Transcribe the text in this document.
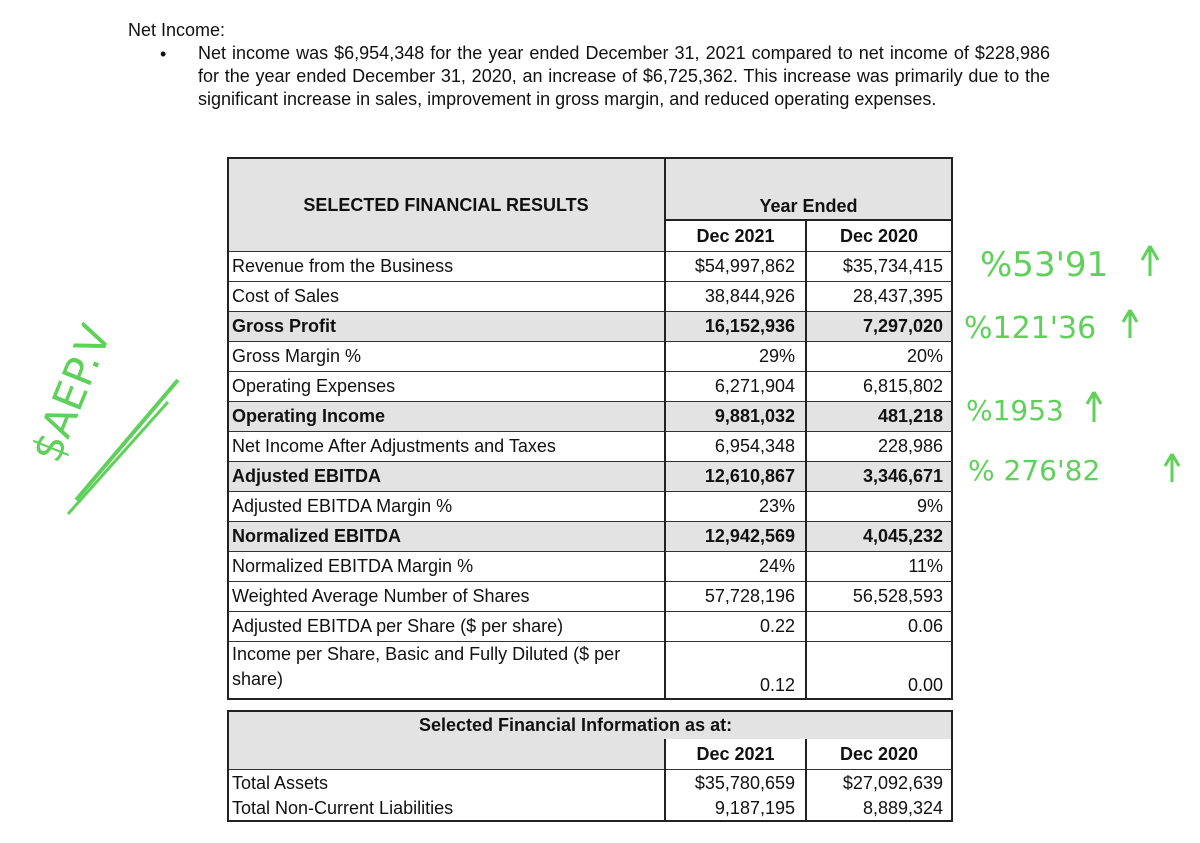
Net Income:
• Net income was $6,954,348 for the year ended December 31, 2021 compared to net income of $228,986 for the year ended December 31, 2020, an increase of $6,725,362. This increase was primarily due to the significant increase in sales, improvement in gross margin, and reduced operating expenses.
SELECTED FINANCIAL RESULTS	Year Ended	
	Dec 2021	Dec 2020
Revenue from the Business	$54,997,862	$35,734,415
Cost of Sales	38,844,926	28,437,395
Gross Profit	16,152,936	7,297,020
Gross Margin %	29%	20%
Operating Expenses	6,271,904	6,815,802
Operating Income	9,881,032	481,218
Net Income After Adjustments and Taxes	6,954,348	228,986
Adjusted EBITDA	12,610,867	3,346,671
Adjusted EBITDA Margin %	23%	9%
Normalized EBITDA	12,942,569	4,045,232
Normalized EBITDA Margin %	24%	11%
Weighted Average Number of Shares	57,728,196	56,528,593
Adjusted EBITDA per Share ($ per share)	0.22	0.06
Income per Share, Basic and Fully Diluted ($ per share)	0.12	0.00
Selected Financial Information as at:		
	Dec 2021	Dec 2020
Total Assets	$35,780,659	$27,092,639
Total Non-Current Liabilities	9,187,195	8,889,324
%53'91
%121'36
%1953
% 276'82
$AEP.V
